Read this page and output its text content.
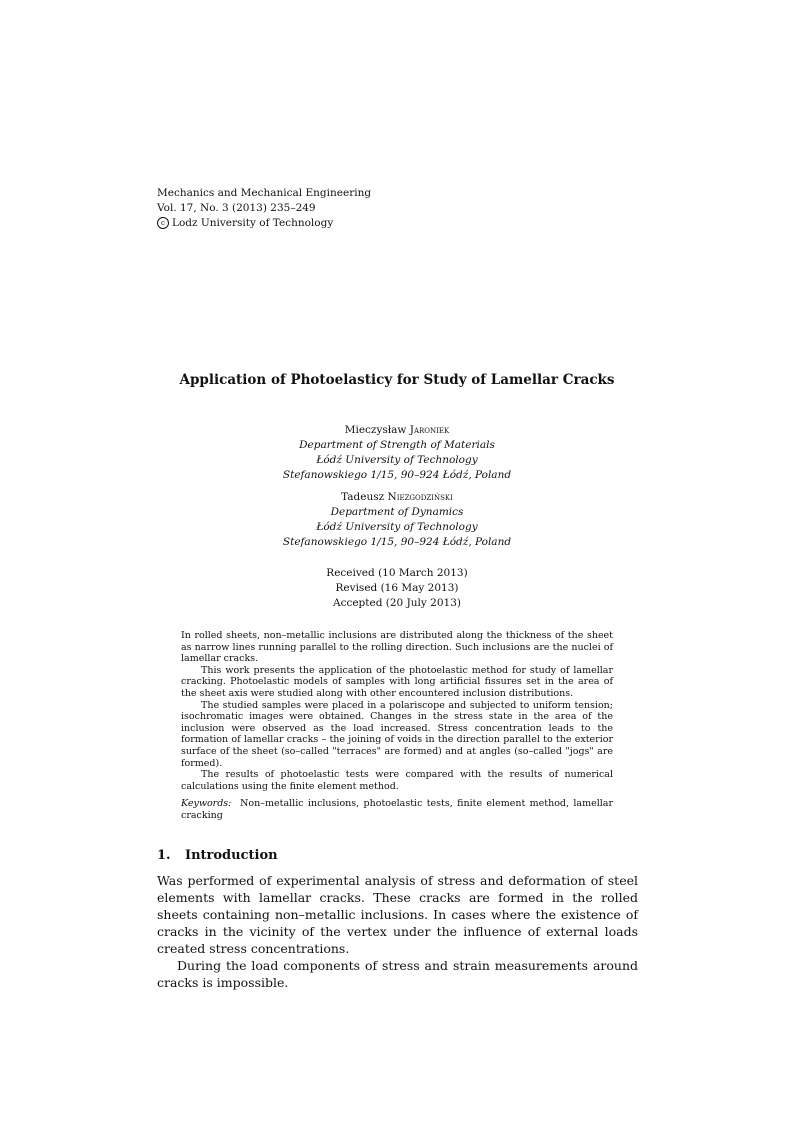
Mechanics and Mechanical Engineering
Vol. 17, No. 3 (2013) 235–249
c Lodz University of Technology
Application of Photoelasticy for Study of Lamellar Cracks
Mieczysław Jaroniek
Department of Strength of Materials
Łódź University of Technology
Stefanowskiego 1/15, 90–924 Łódź, Poland
Tadeusz Niezgodziński
Department of Dynamics
Łódź University of Technology
Stefanowskiego 1/15, 90–924 Łódź, Poland
Received (10 March 2013)
Revised (16 May 2013)
Accepted (20 July 2013)

In rolled sheets, non–metallic inclusions are distributed along the thickness of the sheet as narrow lines running parallel to the rolling direction. Such inclusions are the nuclei of lamellar cracks.

This work presents the application of the photoelastic method for study of lamellar cracking. Photoelastic models of samples with long artificial fissures set in the area of the sheet axis were studied along with other encountered inclusion distributions.

The studied samples were placed in a polariscope and subjected to uniform tension; isochromatic images were obtained. Changes in the stress state in the area of the inclusion were observed as the load increased. Stress concentration leads to the formation of lamellar cracks – the joining of voids in the direction parallel to the exterior surface of the sheet (so–called "terraces" are formed) and at angles (so–called "jogs" are formed).

The results of photoelastic tests were compared with the results of numerical calculations using the finite element method.

Keywords: Non–metallic inclusions, photoelastic tests, finite element method, lamellar cracking

1. Introduction

Was performed of experimental analysis of stress and deformation of steel elements with lamellar cracks. These cracks are formed in the rolled sheets containing non–metallic inclusions. In cases where the existence of cracks in the vicinity of the vertex under the influence of external loads created stress concentrations.

During the load components of stress and strain measurements around cracks is impossible.
